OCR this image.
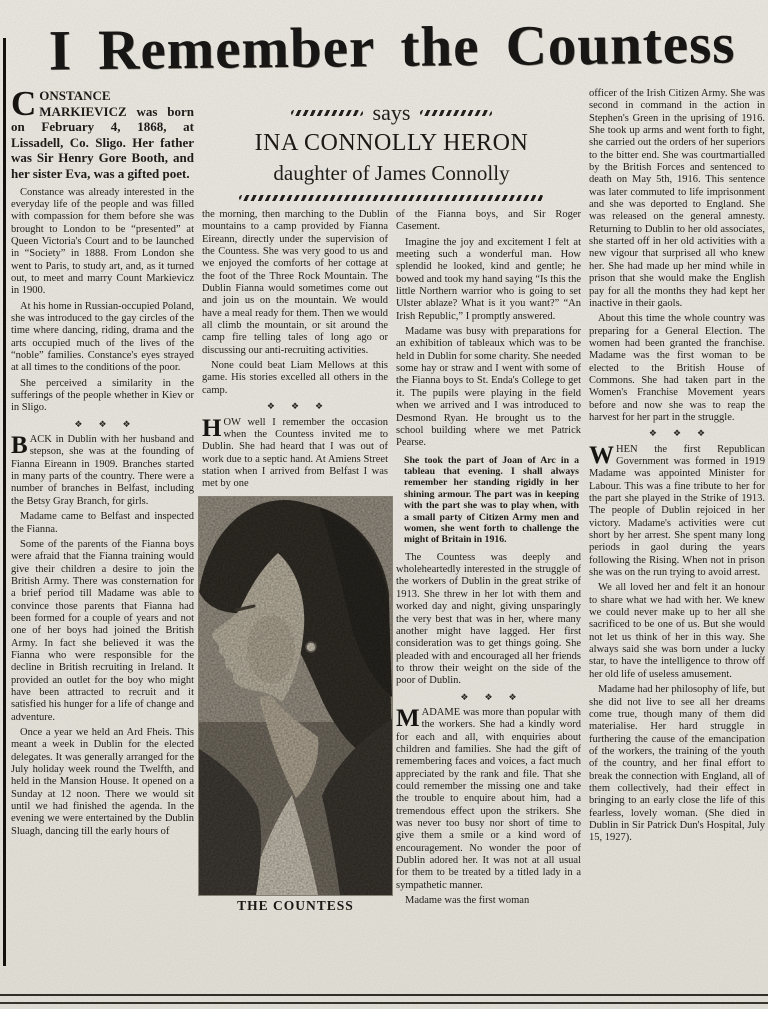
I Remember the Countess

CONSTANCE MARKIEVICZ was born on February 4, 1868, at Lissadell, Co. Sligo. Her father was Sir Henry Gore Booth, and her sister Eva, was a gifted poet.

Constance was already interested in the everyday life of the people and was filled with compassion for them before she was brought to London to be “presented” at Queen Victoria's Court and to be launched in “Society” in 1888. From London she went to Paris, to study art, and, as it turned out, to meet and marry Count Markievicz in 1900.

At his home in Russian-occupied Poland, she was introduced to the gay circles of the time where dancing, riding, drama and the arts occupied much of the lives of the “noble” families. Constance's eyes strayed at all times to the conditions of the poor.

She perceived a similarity in the sufferings of the people whether in Kiev or in Sligo.

❖❖❖

BACK in Dublin with her husband and stepson, she was at the founding of Fianna Eireann in 1909. Branches started in many parts of the country. There were a number of branches in Belfast, including the Betsy Gray Branch, for girls.

Madame came to Belfast and inspected the Fianna.

Some of the parents of the Fianna boys were afraid that the Fianna training would give their children a desire to join the British Army. There was consternation for a brief period till Madame was able to convince those parents that Fianna had been formed for a couple of years and not one of her boys had joined the British Army. In fact she believed it was the Fianna who were responsible for the decline in British recruiting in Ireland. It provided an outlet for the boy who might have been attracted to recruit and it satisfied his hunger for a life of change and adventure.

Once a year we held an Ard Fheis. This meant a week in Dublin for the elected delegates. It was generally arranged for the July holiday week round the Twelfth, and held in the Mansion House. It opened on a Sunday at 12 noon. There we would sit until we had finished the agenda. In the evening we were entertained by the Dublin Sluagh, dancing till the early hours of

says
INA CONNOLLY HERON
daughter of James Connolly

the morning, then marching to the Dublin mountains to a camp provided by Fianna Eireann, directly under the supervision of the Countess. She was very good to us and we enjoyed the comforts of her cottage at the foot of the Three Rock Mountain. The Dublin Fianna would sometimes come out and join us on the mountain. We would have a meal ready for them. Then we would all climb the mountain, or sit around the camp fire telling tales of long ago or discussing our anti-recruiting activities.

None could beat Liam Mellows at this game. His stories excelled all others in the camp.

❖❖❖

HOW well I remember the occasion when the Countess invited me to Dublin. She had heard that I was out of work due to a septic hand. At Amiens Street station when I arrived from Belfast I was met by one

THE COUNTESS

of the Fianna boys, and Sir Roger Casement.

Imagine the joy and excitement I felt at meeting such a wonderful man. How splendid he looked, kind and gentle; he bowed and took my hand saying “Is this the little Northern warrior who is going to set Ulster ablaze? What is it you want?” “An Irish Republic,” I promptly answered.

Madame was busy with preparations for an exhibition of tableaux which was to be held in Dublin for some charity. She needed some hay or straw and I went with some of the Fianna boys to St. Enda's College to get it. The pupils were playing in the field when we arrived and I was introduced to Desmond Ryan. He brought us to the school building where we met Patrick Pearse.

She took the part of Joan of Arc in a tableau that evening. I shall always remember her standing rigidly in her shining armour. The part was in keeping with the part she was to play when, with a small party of Citizen Army men and women, she went forth to challenge the might of Britain in 1916.

The Countess was deeply and wholeheartedly interested in the struggle of the workers of Dublin in the great strike of 1913. She threw in her lot with them and worked day and night, giving unsparingly the very best that was in her, where many another might have lagged. Her first consideration was to get things going. She pleaded with and encouraged all her friends to throw their weight on the side of the poor of Dublin.

❖❖❖

MADAME was more than popular with the workers. She had a kindly word for each and all, with enquiries about children and families. She had the gift of remembering faces and voices, a fact much appreciated by the rank and file. That she could remember the missing one and take the trouble to enquire about him, had a tremendous effect upon the strikers. She was never too busy nor short of time to give them a smile or a kind word of encouragement. No wonder the poor of Dublin adored her. It was not at all usual for them to be treated by a titled lady in a sympathetic manner.

Madame was the first woman

officer of the Irish Citizen Army. She was second in command in the action in Stephen's Green in the uprising of 1916. She took up arms and went forth to fight, she carried out the orders of her superiors to the bitter end. She was courtmartialled by the British Forces and sentenced to death on May 5th, 1916. This sentence was later commuted to life imprisonment and she was deported to England. She was released on the general amnesty. Returning to Dublin to her old associates, she started off in her old activities with a new vigour that surprised all who knew her. She had made up her mind while in prison that she would make the English pay for all the months they had kept her inactive in their gaols.

About this time the whole country was preparing for a General Election. The women had been granted the franchise. Madame was the first woman to be elected to the British House of Commons. She had taken part in the Women's Franchise Movement years before and now she was to reap the harvest for her part in the struggle.

❖❖❖

WHEN the first Republican Government was formed in 1919 Madame was appointed Minister for Labour. This was a fine tribute to her for the part she played in the Strike of 1913. The people of Dublin rejoiced in her victory. Madame's activities were cut short by her arrest. She spent many long periods in gaol during the years following the Rising. When not in prison she was on the run trying to avoid arrest.

We all loved her and felt it an honour to share what we had with her. We knew we could never make up to her all she sacrificed to be one of us. But she would not let us think of her in this way. She always said she was born under a lucky star, to have the intelligence to throw off her old life of useless amusement.

Madame had her philosophy of life, but she did not live to see all her dreams come true, though many of them did materialise. Her hard struggle in furthering the cause of the emancipation of the workers, the training of the youth of the country, and her final effort to break the connection with England, all of them collectively, had their effect in bringing to an early close the life of this fearless, lovely woman. (She died in Dublin in Sir Patrick Dun's Hospital, July 15, 1927).
